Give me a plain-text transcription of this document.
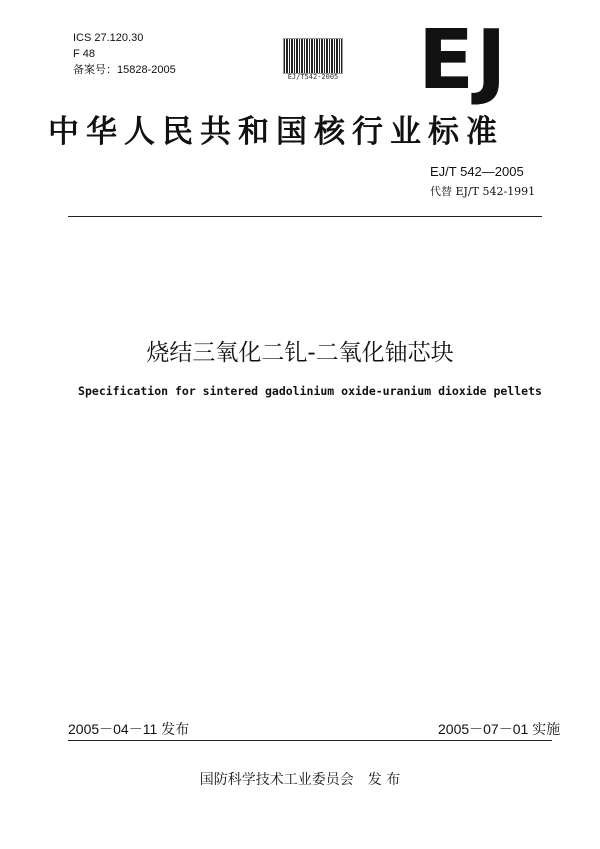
ICS 27.120.30
F 48
备案号：15828-2005
EJ/T542-2005 EJ
中华人民共和国核行业标准
EJ/T 542—2005
代替 EJ/T 542-1991
烧结三氧化二钆-二氧化铀芯块
Specification for sintered gadolinium oxide-uranium dioxide pellets
2005－04－11 发布	2005－07－01 实施
国防科学技术工业委员会　发 布
